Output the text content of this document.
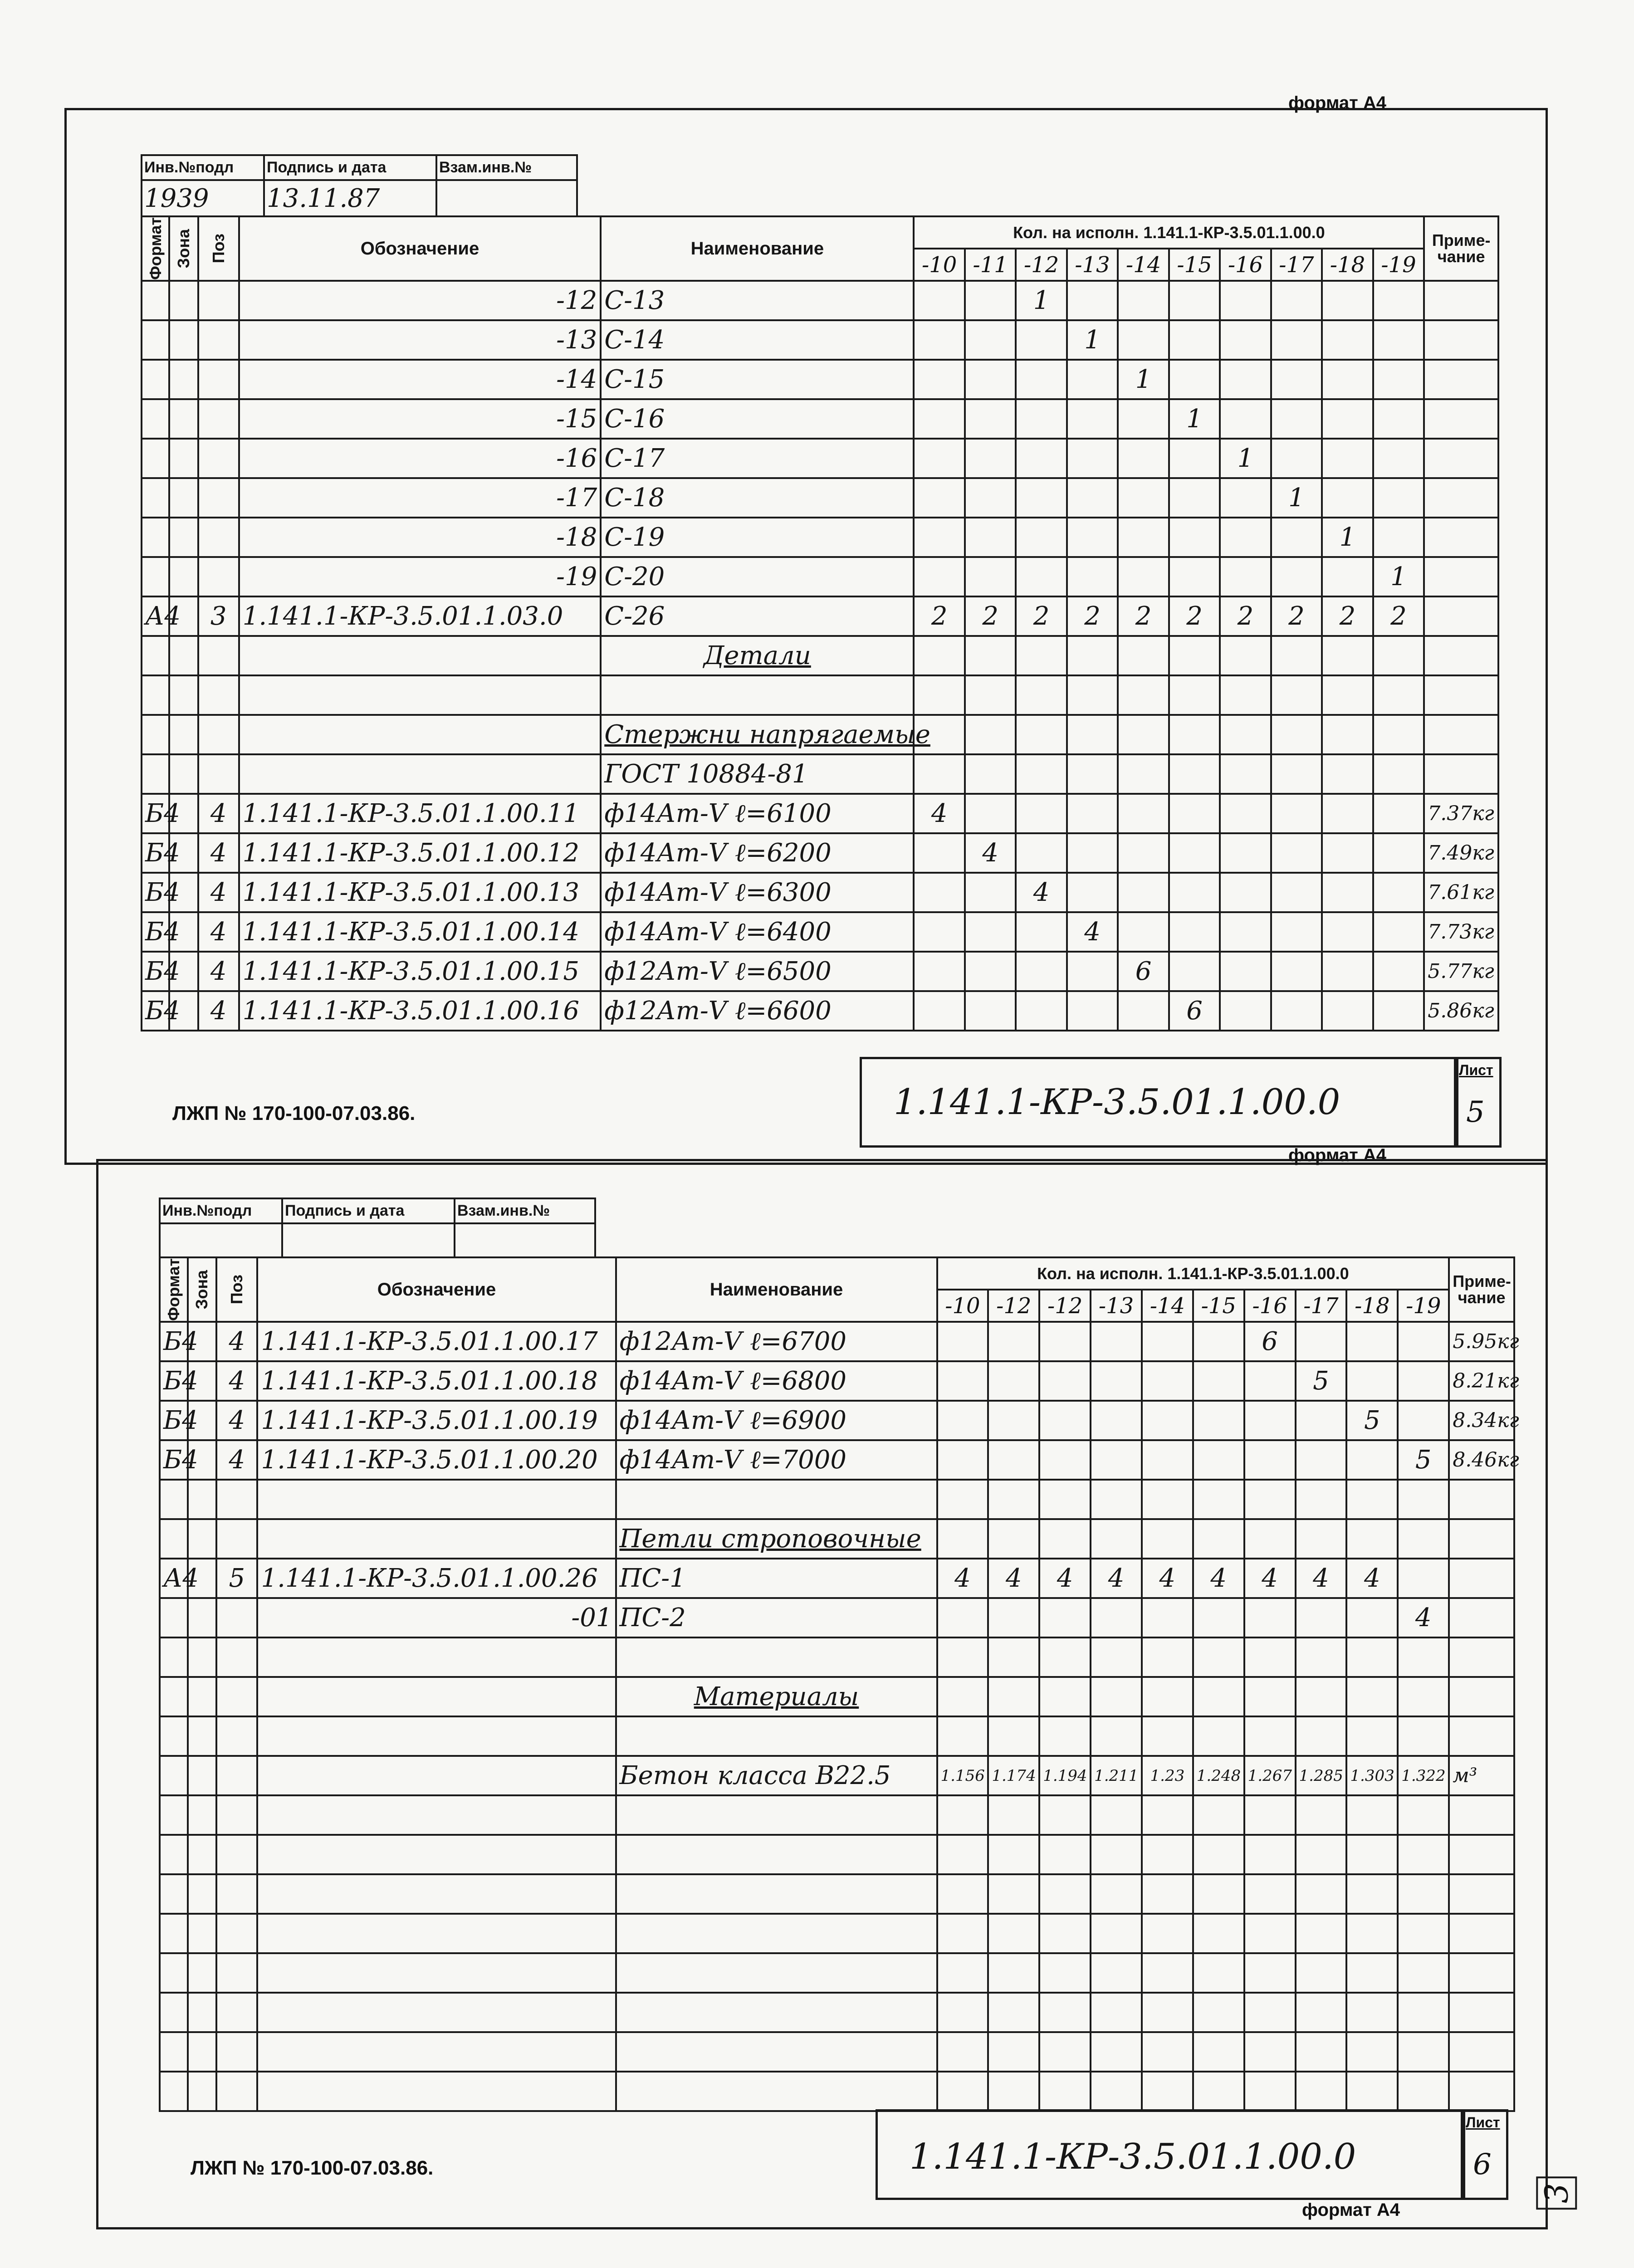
формат А4
Инв.№подл	Подпись и дата	Взам.инв.№
1939	13.11.87	
Формат	Зона	Поз	Обозначение	Наименование	Кол. на исполн. 1.141.1-КР-3.5.01.1.00.0										Приме-чание
					-10	-11	-12	-13	-14	-15	-16	-17	-18	-19	
			-12	С-13			1								
			-13	С-14				1							
			-14	С-15					1						
			-15	С-16						1					
			-16	С-17							1				
			-17	С-18								1			
			-18	С-19									1		
			-19	С-20										1	
А4		3	1.141.1-КР-3.5.01.1.03.0	С-26	2	2	2	2	2	2	2	2	2	2	
				Детали											

				Стержни напрягаемые											
				ГОСТ 10884-81											
Б4		4	1.141.1-КР-3.5.01.1.00.11	ф14Ат-V ℓ=6100	4										7.37кг
Б4		4	1.141.1-КР-3.5.01.1.00.12	ф14Ат-V ℓ=6200		4									7.49кг
Б4		4	1.141.1-КР-3.5.01.1.00.13	ф14Ат-V ℓ=6300			4								7.61кг
Б4		4	1.141.1-КР-3.5.01.1.00.14	ф14Ат-V ℓ=6400				4							7.73кг
Б4		4	1.141.1-КР-3.5.01.1.00.15	ф12Ат-V ℓ=6500					6						5.77кг
Б4		4	1.141.1-КР-3.5.01.1.00.16	ф12Ат-V ℓ=6600						6					5.86кг
ЛЖП № 170-100-07.03.86.	1.141.1-КР-3.5.01.1.00.0
Лист
5
формат А4
Инв.№подл	Подпись и дата	Взам.инв.№

Формат	Зона	Поз	Обозначение	Наименование	Кол. на исполн. 1.141.1-КР-3.5.01.1.00.0										Приме-чание
					-10	-12	-12	-13	-14	-15	-16	-17	-18	-19	
Б4		4	1.141.1-КР-3.5.01.1.00.17	ф12Ат-V ℓ=6700							6				5.95кг
Б4		4	1.141.1-КР-3.5.01.1.00.18	ф14Ат-V ℓ=6800								5			8.21кг
Б4		4	1.141.1-КР-3.5.01.1.00.19	ф14Ат-V ℓ=6900									5		8.34кг
Б4		4	1.141.1-КР-3.5.01.1.00.20	ф14Ат-V ℓ=7000										5	8.46кг

				Петли строповочные											
А4		5	1.141.1-КР-3.5.01.1.00.26	ПС-1	4	4	4	4	4	4	4	4	4		
			-01	ПС-2										4	

				Материалы											

				Бетон класса В22.5	1.156	1.174	1.194	1.211	1.23	1.248	1.267	1.285	1.303	1.322	м³

ЛЖП № 170-100-07.03.86.	1.141.1-КР-3.5.01.1.00.0
Лист
6
3
формат А4
